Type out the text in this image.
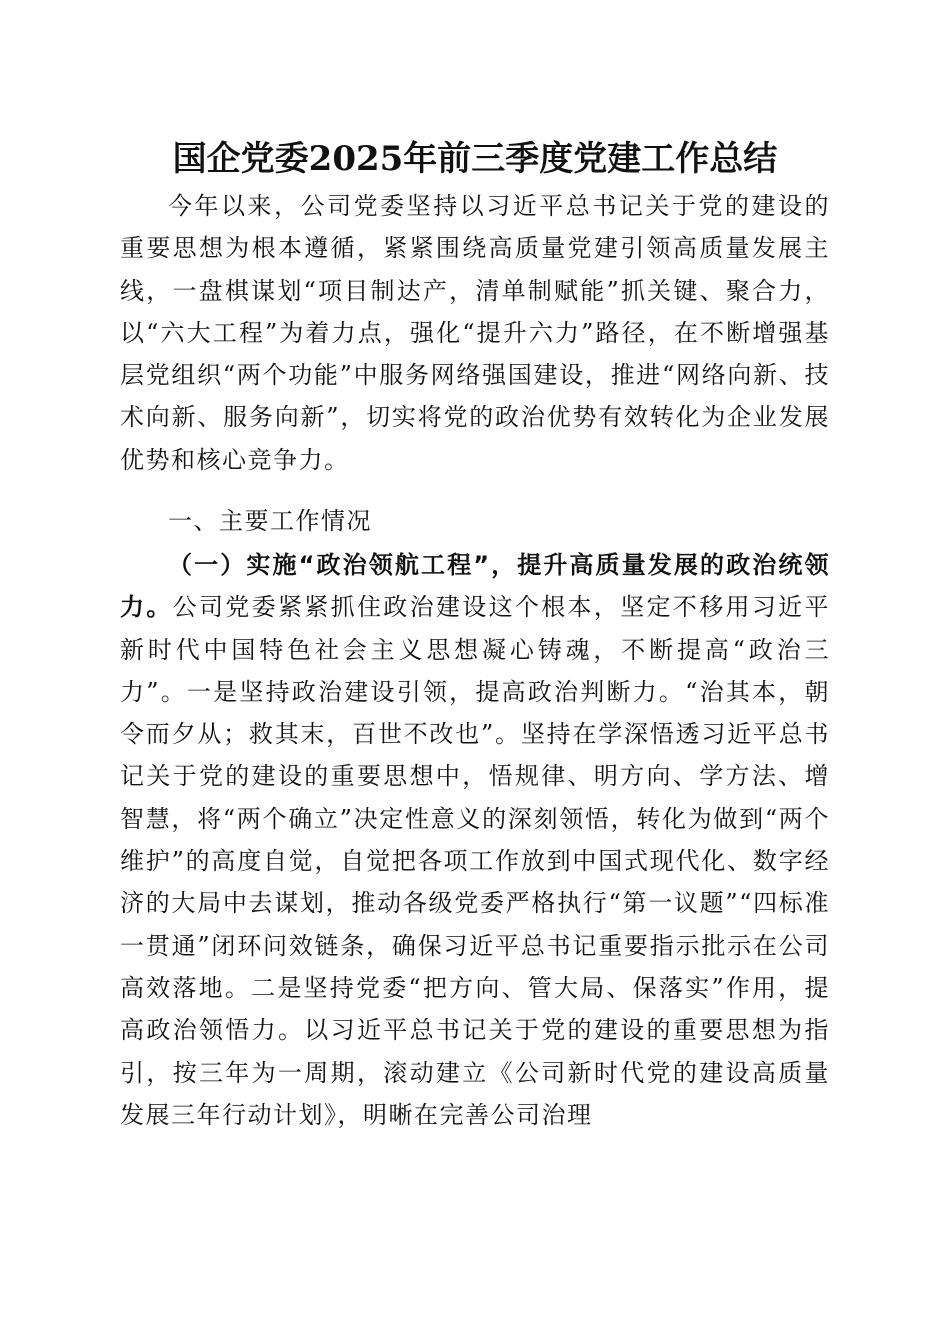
国企党委2025年前三季度党建工作总结

今年以来，公司党委坚持以习近平总书记关于党的建设的重要思想为根本遵循，紧紧围绕高质量党建引领高质量发展主线，一盘棋谋划“项目制达产，清单制赋能”抓关键、聚合力，以“六大工程”为着力点，强化“提升六力”路径，在不断增强基层党组织“两个功能”中服务网络强国建设，推进“网络向新、技术向新、服务向新”，切实将党的政治优势有效转化为企业发展优势和核心竞争力。

一、主要工作情况

（一）实施“政治领航工程”，提升高质量发展的政治统领力。公司党委紧紧抓住政治建设这个根本，坚定不移用习近平新时代中国特色社会主义思想凝心铸魂，不断提高“政治三力”。一是坚持政治建设引领，提高政治判断力。“治其本，朝令而夕从；救其末，百世不改也”。坚持在学深悟透习近平总书记关于党的建设的重要思想中，悟规律、明方向、学方法、增智慧，将“两个确立”决定性意义的深刻领悟，转化为做到“两个维护”的高度自觉，自觉把各项工作放到中国式现代化、数字经济的大局中去谋划，推动各级党委严格执行“第一议题”“四标准一贯通”闭环问效链条，确保习近平总书记重要指示批示在公司高效落地。二是坚持党委“把方向、管大局、保落实”作用，提高政治领悟力。以习近平总书记关于党的建设的重要思想为指引，按三年为一周期，滚动建立《公司新时代党的建设高质量发展三年行动计划》，明晰在完善公司治理
